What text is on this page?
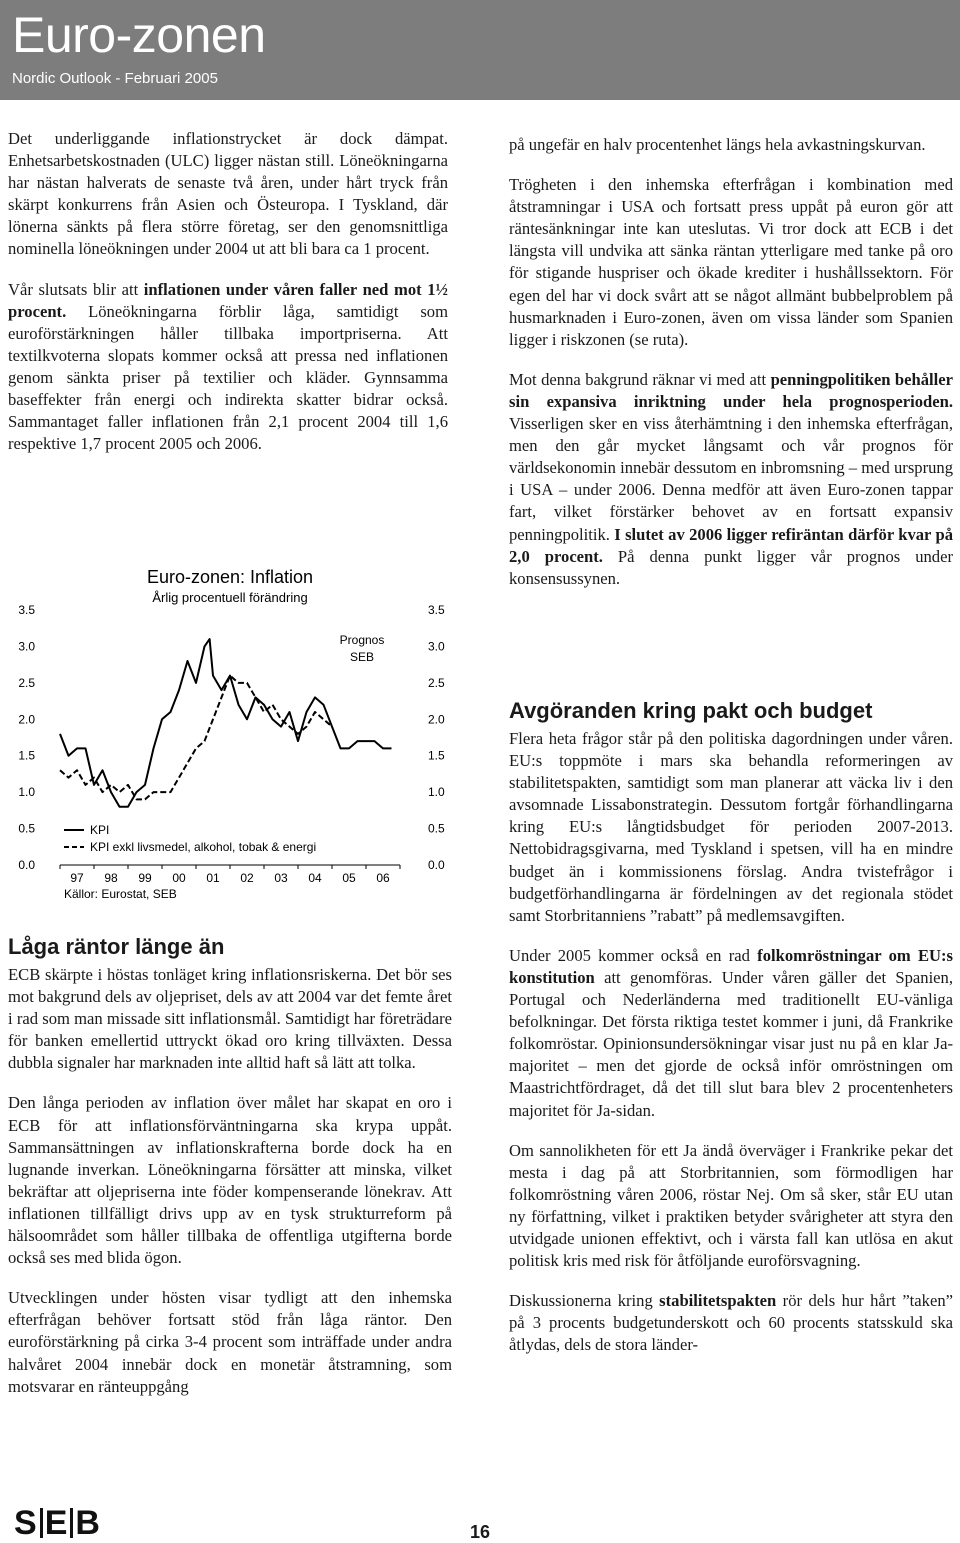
Euro-zonen
Nordic Outlook - Februari 2005

Det underliggande inflationstrycket är dock dämpat. Enhetsarbetskostnaden (ULC) ligger nästan still. Löneökningarna har nästan halverats de senaste två åren, under hårt tryck från skärpt konkurrens från Asien och Östeuropa. I Tyskland, där lönerna sänkts på flera större företag, ser den genomsnittliga nominella löneökningen under 2004 ut att bli bara ca 1 procent.

Vår slutsats blir att inflationen under våren faller ned mot 1½ procent. Löneökningarna förblir låga, samtidigt som euroförstärkningen håller tillbaka importpriserna. Att textilkvoterna slopats kommer också att pressa ned inflationen genom sänkta priser på textilier och kläder. Gynnsamma baseffekter från energi och indirekta skatter bidrar också. Sammantaget faller inflationen från 2,1 procent 2004 till 1,6 respektive 1,7 procent 2005 och 2006.

Euro-zonen: Inflation
Årlig procentuell förändring
Prognos
SEB
0.0	0.0
0.5	0.5
1.0	1.0
1.5	1.5
2.0	2.0
2.5	2.5
3.0	3.0
3.5	3.5
97 98 99 00 01 02 03 04 05 06
KPI
KPI exkl livsmedel, alkohol, tobak & energi
Källor: Eurostat, SEB
Låga räntor länge än

ECB skärpte i höstas tonläget kring inflationsriskerna. Det bör ses mot bakgrund dels av oljepriset, dels av att 2004 var det femte året i rad som man missade sitt inflationsmål. Samtidigt har företrädare för banken emellertid uttryckt ökad oro kring tillväxten. Dessa dubbla signaler har marknaden inte alltid haft så lätt att tolka.

Den långa perioden av inflation över målet har skapat en oro i ECB för att inflationsförväntningarna ska krypa uppåt. Sammansättningen av inflationskrafterna borde dock ha en lugnande inverkan. Löneökningarna försätter att minska, vilket bekräftar att oljepriserna inte föder kompenserande lönekrav. Att inflationen tillfälligt drivs upp av en tysk strukturreform på hälsoområdet som håller tillbaka de offentliga utgifterna borde också ses med blida ögon.

Utvecklingen under hösten visar tydligt att den inhemska efterfrågan behöver fortsatt stöd från låga räntor. Den euroförstärkning på cirka 3-4 procent som inträffade under andra halvåret 2004 innebär dock en monetär åtstramning, som motsvarar en ränteuppgång

på ungefär en halv procentenhet längs hela avkastningskurvan.

Trögheten i den inhemska efterfrågan i kombination med åtstramningar i USA och fortsatt press uppåt på euron gör att räntesänkningar inte kan uteslutas. Vi tror dock att ECB i det längsta vill undvika att sänka räntan ytterligare med tanke på oro för stigande huspriser och ökade krediter i hushållssektorn. För egen del har vi dock svårt att se något allmänt bubbelproblem på husmarknaden i Euro-zonen, även om vissa länder som Spanien ligger i riskzonen (se ruta).

Mot denna bakgrund räknar vi med att penningpolitiken behåller sin expansiva inriktning under hela prognosperioden. Visserligen sker en viss återhämtning i den inhemska efterfrågan, men den går mycket långsamt och vår prognos för världsekonomin innebär dessutom en inbromsning – med ursprung i USA – under 2006. Denna medför att även Euro-zonen tappar fart, vilket förstärker behovet av en fortsatt expansiv penningpolitik. I slutet av 2006 ligger refiräntan därför kvar på 2,0 procent. På denna punkt ligger vår prognos under konsensussynen.

Avgöranden kring pakt och budget

Flera heta frågor står på den politiska dagordningen under våren. EU:s toppmöte i mars ska behandla reformeringen av stabilitetspakten, samtidigt som man planerar att väcka liv i den avsomnade Lissabonstrategin. Dessutom fortgår förhandlingarna kring EU:s långtidsbudget för perioden 2007-2013. Nettobidragsgivarna, med Tyskland i spetsen, vill ha en mindre budget än i kommissionens förslag. Andra tvistefrågor i budgetförhandlingarna är fördelningen av det regionala stödet samt Storbritanniens ”rabatt” på medlemsavgiften.

Under 2005 kommer också en rad folkomröstningar om EU:s konstitution att genomföras. Under våren gäller det Spanien, Portugal och Nederländerna med traditionellt EU-vänliga befolkningar. Det första riktiga testet kommer i juni, då Frankrike folkomröstar. Opinionsundersökningar visar just nu på en klar Ja-majoritet – men det gjorde de också inför omröstningen om Maastrichtfördraget, då det till slut bara blev 2 procentenheters majoritet för Ja-sidan.

Om sannolikheten för ett Ja ändå överväger i Frankrike pekar det mesta i dag på att Storbritannien, som förmodligen har folkomröstning våren 2006, röstar Nej. Om så sker, står EU utan ny författning, vilket i praktiken betyder svårigheter att styra den utvidgade unionen effektivt, och i värsta fall kan utlösa en akut politisk kris med risk för åtföljande euroförsvagning.

Diskussionerna kring stabilitetspakten rör dels hur hårt ”taken” på 3 procents budgetunderskott och 60 procents statsskuld ska åtlydas, dels de stora länder-

S E B	16
